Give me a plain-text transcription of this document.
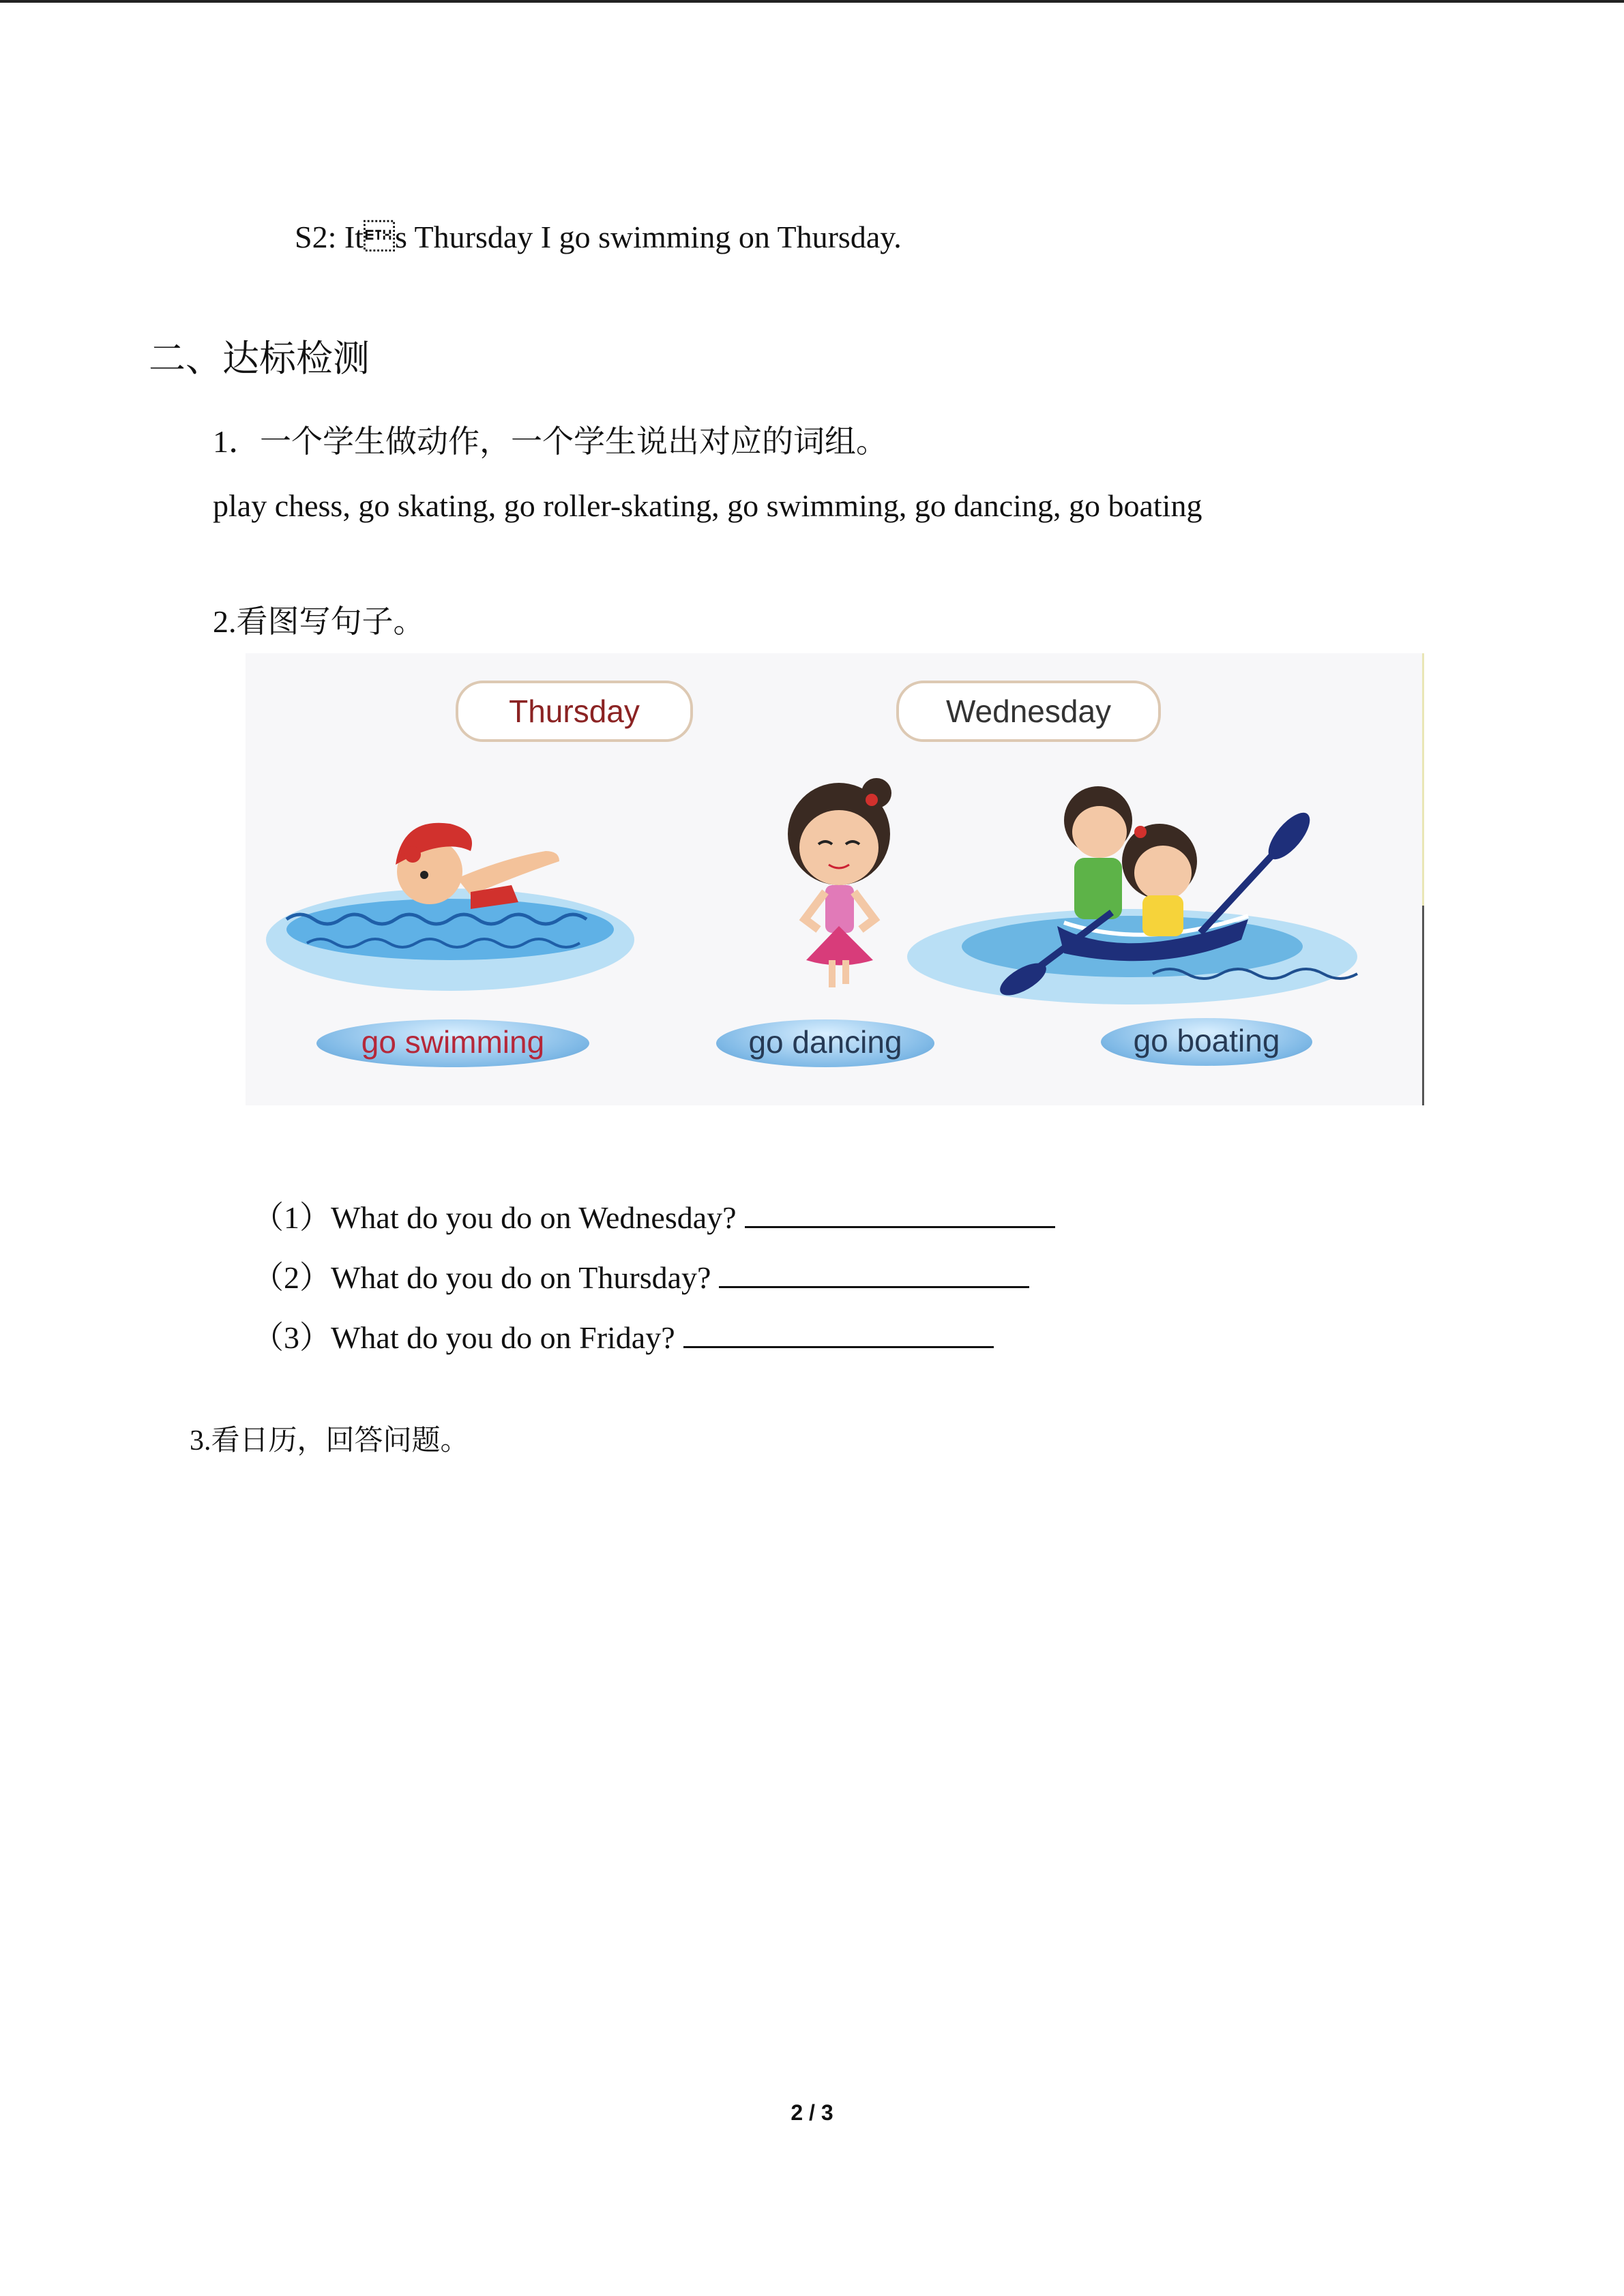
S2: Its Thursday I go swimming on Thursday.
二、达标检测
1．一个学生做动作，一个学生说出对应的词组。
play chess, go skating, go roller-skating, go swimming, go dancing, go boating
2.看图写句子。
Thursday	Wednesday
go swimming	go dancing	go boating
（1）What do you do on Wednesday?
（2）What do you do on Thursday?
（3）What do you do on Friday?
3.看日历，回答问题。
2 / 3
